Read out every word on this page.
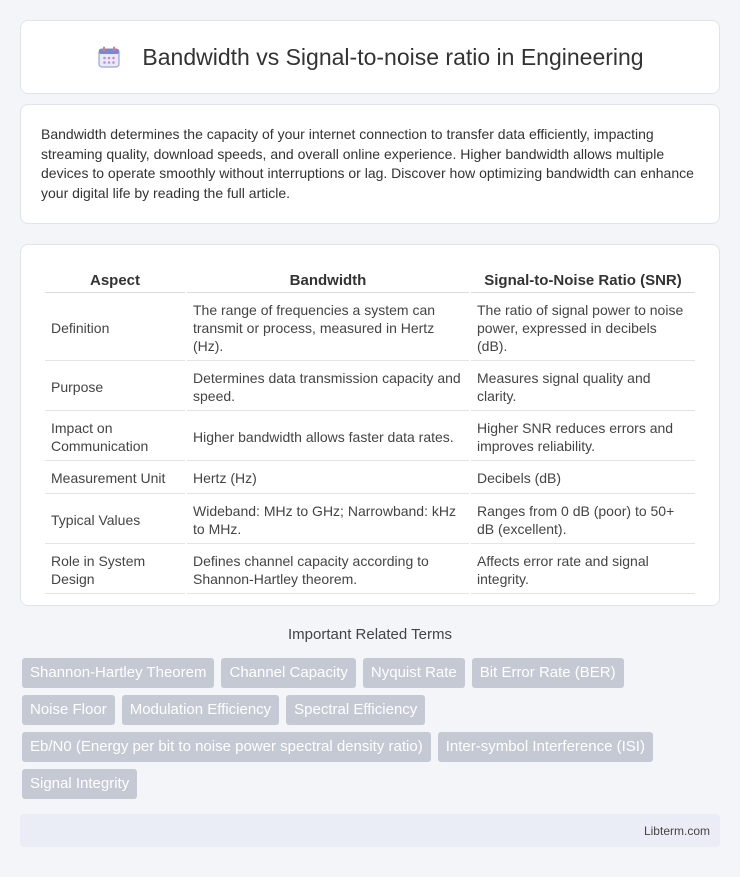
Bandwidth vs Signal-to-noise ratio in Engineering

Bandwidth determines the capacity of your internet connection to transfer data efficiently, impacting streaming quality, download speeds, and overall online experience. Higher bandwidth allows multiple devices to operate smoothly without interruptions or lag. Discover how optimizing bandwidth can enhance your digital life by reading the full article.

Aspect	Bandwidth	Signal-to-Noise Ratio (SNR)
Definition	The range of frequencies a system can transmit or process, measured in Hertz (Hz).	The ratio of signal power to noise power, expressed in decibels (dB).
Purpose	Determines data transmission capacity and speed.	Measures signal quality and clarity.
Impact on Communication	Higher bandwidth allows faster data rates.	Higher SNR reduces errors and improves reliability.
Measurement Unit	Hertz (Hz)	Decibels (dB)
Typical Values	Wideband: MHz to GHz; Narrowband: kHz to MHz.	Ranges from 0 dB (poor) to 50+ dB (excellent).
Role in System Design	Defines channel capacity according to Shannon-Hartley theorem.	Affects error rate and signal integrity.
Important Related Terms
Shannon-Hartley Theorem	Channel Capacity	Nyquist Rate	Bit Error Rate (BER)
Noise Floor	Modulation Efficiency	Spectral Efficiency
Eb/N0 (Energy per bit to noise power spectral density ratio)	Inter-symbol Interference (ISI)
Signal Integrity
Libterm.com
